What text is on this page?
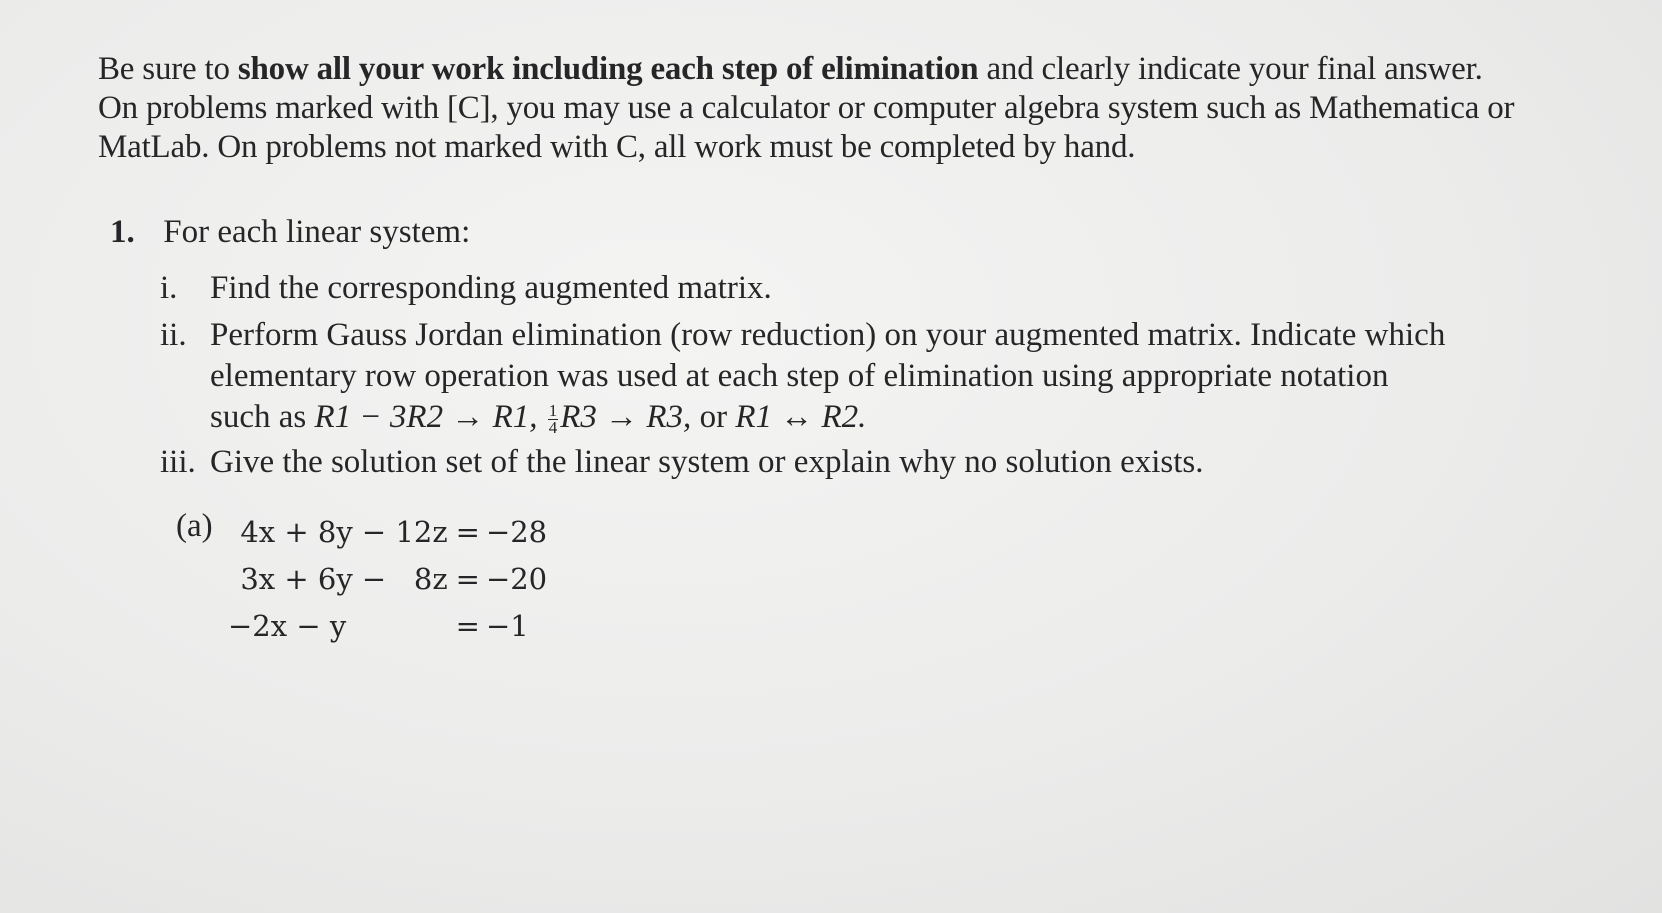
Be sure to show all your work including each step of elimination and clearly indicate your final answer.
On problems marked with [C], you may use a calculator or computer algebra system such as Mathematica or
MatLab. On problems not marked with C, all work must be completed by hand.
1. For each linear system:
i. Find the corresponding augmented matrix.
ii. Perform Gauss Jordan elimination (row reduction) on your augmented matrix. Indicate which
elementary row operation was used at each step of elimination using appropriate notation
such as R1 − 3R2 → R1, $\frac{1}{4} R3 \to R3$, or R1 ↔ R2.
iii. Give the solution set of the linear system or explain why no solution exists.
(a) 4x + 8y − 12z	=	−28
3x + 6y −   8z	=	−20
−2x − y	=	−1
